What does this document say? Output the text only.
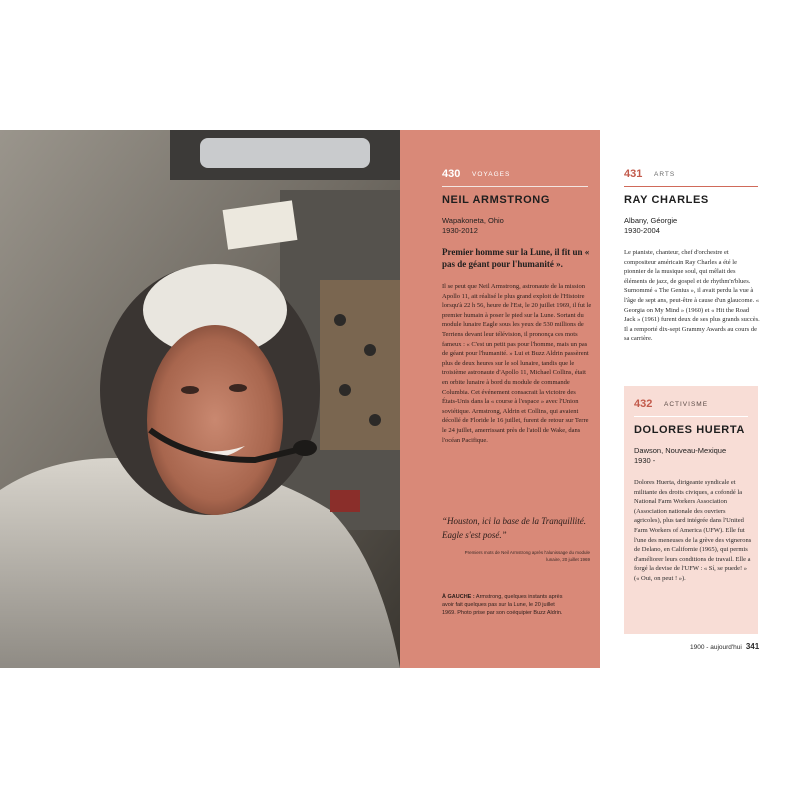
430 VOYAGES
NEIL ARMSTRONG
Wapakoneta, Ohio
1930-2012
Premier homme sur la Lune, il fit un « pas de géant pour l'humanité ».
Il se peut que Neil Armstrong, astronaute de la mission Apollo 11, ait réalisé le plus grand exploit de l'Histoire lorsqu'à 22 h 56, heure de l'Est, le 20 juillet 1969, il fut le premier humain à poser le pied sur la Lune. Sortant du module lunaire Eagle sous les yeux de 530 millions de Terriens devant leur télévision, il prononça ces mots fameux : « C'est un petit pas pour l'homme, mais un pas de géant pour l'humanité. » Lui et Buzz Aldrin passèrent plus de deux heures sur le sol lunaire, tandis que le troisième astronaute d'Apollo 11, Michael Collins, était en orbite lunaire à bord du module de commande Columbia. Cet événement consacrait la victoire des États-Unis dans la « course à l'espace » avec l'Union soviétique. Armstrong, Aldrin et Collins, qui avaient décollé de Floride le 16 juillet, furent de retour sur Terre le 24 juillet, amerrissant près de l'atoll de Wake, dans l'océan Pacifique.
“Houston, ici la base de la Tranquillité. Eagle s'est posé.”
Premiers mots de Neil Armstrong après l'alunissage du module lunaire, 20 juillet 1969
À GAUCHE : Armstrong, quelques instants après avoir fait quelques pas sur la Lune, le 20 juillet 1969. Photo prise par son coéquipier Buzz Aldrin.
431 ARTS
RAY CHARLES
Albany, Géorgie
1930-2004
Le pianiste, chanteur, chef d'orchestre et compositeur américain Ray Charles a été le pionnier de la musique soul, qui mêlait des éléments de jazz, de gospel et de rhythm'n'blues. Surnommé « The Genius », il avait perdu la vue à l'âge de sept ans, peut-être à cause d'un glaucome. « Georgia on My Mind » (1960) et « Hit the Road Jack » (1961) furent deux de ses plus grands succès. Il a remporté dix-sept Grammy Awards au cours de sa carrière.
432 ACTIVISME
DOLORES HUERTA
Dawson, Nouveau-Mexique
1930 -
Dolores Huerta, dirigeante syndicale et militante des droits civiques, a cofondé la National Farm Workers Association (Association nationale des ouvriers agricoles), plus tard intégrée dans l'United Farm Workers of America (UFW). Elle fut l'une des meneuses de la grève des vignerons de Delano, en Californie (1965), qui permis d'améliorer leurs conditions de travail. Elle a forgé la devise de l'UFW : « Sí, se puede! » (« Oui, on peut ! »).
1900 - aujourd'hui 341
